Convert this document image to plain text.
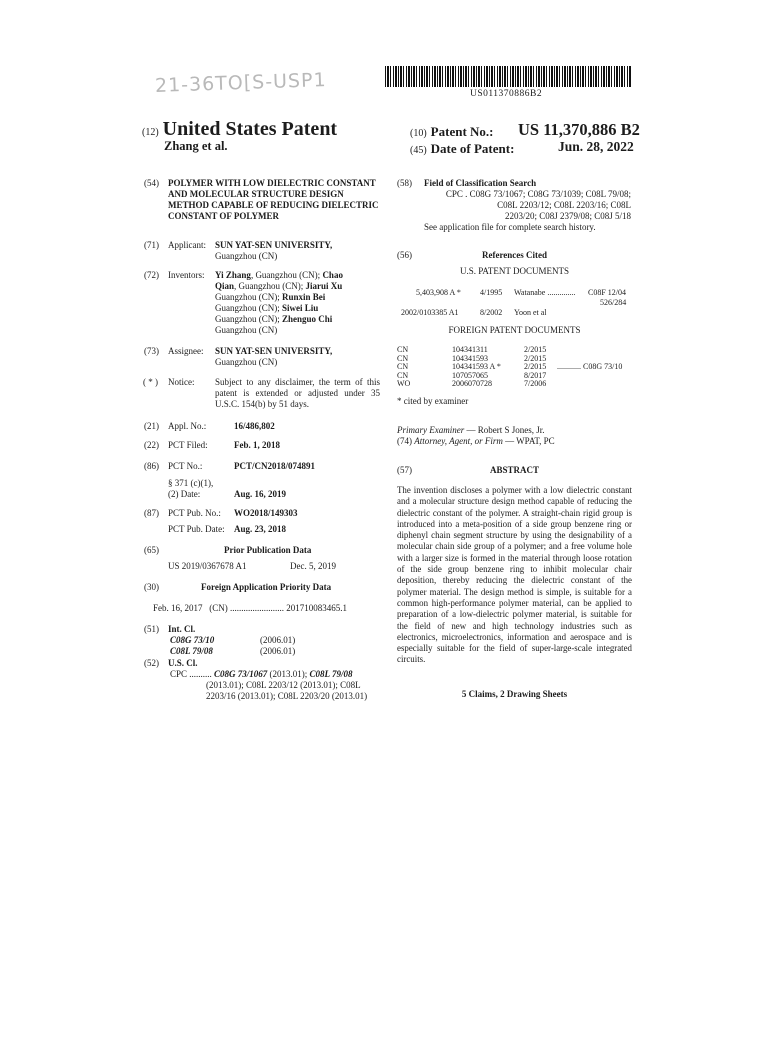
21-36TO[S-USP1	US011370886B2
(12) United States Patent
Zhang et al.
(10) Patent No.: US 11,370,886 B2
(45) Date of Patent:	Jun. 28, 2022
(54) POLYMER WITH LOW DIELECTRIC CONSTANT AND MOLECULAR STRUCTURE DESIGN METHOD CAPABLE OF REDUCING DIELECTRIC CONSTANT OF POLYMER
(71) Applicant: SUN YAT-SEN UNIVERSITY,
Guangzhou (CN)
(72) Inventors: Yi Zhang, Guangzhou (CN); Chao
Qian, Guangzhou (CN); Jiarui Xu
Guangzhou (CN); Runxin Bei
Guangzhou (CN); Siwei Liu
Guangzhou (CN); Zhenguo Chi
Guangzhou (CN)
(73) Assignee: SUN YAT-SEN UNIVERSITY,
Guangzhou (CN)
( * ) Notice: Subject to any disclaimer, the term of this patent is extended or adjusted under 35 U.S.C. 154(b) by 51 days.
(21) Appl. No.:	16/486,802
(22) PCT Filed:	Feb. 1, 2018
(86) PCT No.:	PCT/CN2018/074891
§ 371 (c)(1),
(2) Date:	Aug. 16, 2019
(87) PCT Pub. No.: WO2018/149303
PCT Pub. Date: Aug. 23, 2018
(65)	Prior Publication Data
US 2019/0367678 A1	Dec. 5, 2019
(30)	Foreign Application Priority Data
Feb. 16, 2017   (CN) ........................ 201710083465.1
(51) Int. Cl.
C08G 73/10	(2006.01)
C08L 79/08	(2006.01)
(52) U.S. Cl.
CPC .......... C08G 73/1067 (2013.01); C08L 79/08
(2013.01); C08L 2203/12 (2013.01); C08L
2203/16 (2013.01); C08L 2203/20 (2013.01)
(58) Field of Classification Search
CPC . C08G 73/1067; C08G 73/1039; C08L 79/08;
C08L 2203/12; C08L 2203/16; C08L
2203/20; C08J 2379/08; C08J 5/18
See application file for complete search history.
(56)	References Cited
U.S. PATENT DOCUMENTS
5,403,908 A * 4/1995 Watanabe .............. C08F 12/04
526/284
2002/0103385 A1	8/2002 Yoon et al
FOREIGN PATENT DOCUMENTS
CN	104341311	2/2015
CN	104341593	2/2015
CN	104341593 A *	2/2015 ............ C08G 73/10
CN	107057065	8/2017
WO	2006070728	7/2006
* cited by examiner
Primary Examiner — Robert S Jones, Jr.
(74) Attorney, Agent, or Firm — WPAT, PC
(57)	ABSTRACT
The invention discloses a polymer with a low dielectric constant and a molecular structure design method capable of reducing the dielectric constant of the polymer. A straight-chain rigid group is introduced into a meta-position of a side group benzene ring or diphenyl chain segment structure by using the designability of a molecular chain side group of a polymer; and a free volume hole with a larger size is formed in the material through loose rotation of the side group benzene ring to inhibit molecular chair deposition, thereby reducing the dielectric constant of the polymer material. The design method is simple, is suitable for a common high-performance polymer material, can be applied to preparation of a low-dielectric polymer material, is suitable for the field of new and high technology industries such as electronics, microelectronics, information and aerospace and is especially suitable for the field of super-large-scale integrated circuits.
5 Claims, 2 Drawing Sheets
